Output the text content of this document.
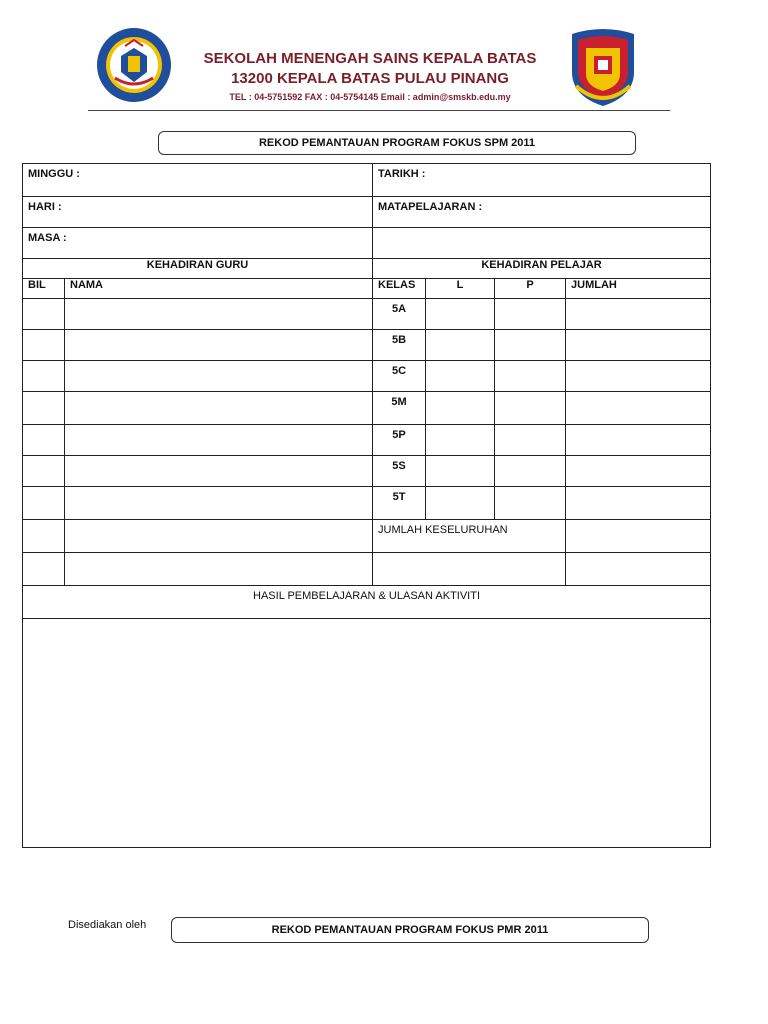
SEKOLAH MENENGAH SAINS KEPALA BATAS
13200 KEPALA BATAS PULAU PINANG
TEL : 04-5751592 FAX : 04-5754145 Email : admin@smskb.edu.my
REKOD PEMANTAUAN PROGRAM FOKUS SPM 2011
MINGGU :		TARIKH :			
HARI :		MATAPELAJARAN :			
MASA :					
KEHADIRAN GURU		KEHADIRAN PELAJAR			
BIL	NAMA	KELAS	L	P	JUMLAH
		5A			
		5B			
		5C			
		5M			
		5P			
		5S			
		5T			
		JUMLAH KESELURUHAN			

HASIL PEMBELAJARAN & ULASAN AKTIVITI					

Disediakan oleh	REKOD PEMANTAUAN PROGRAM FOKUS PMR 2011
